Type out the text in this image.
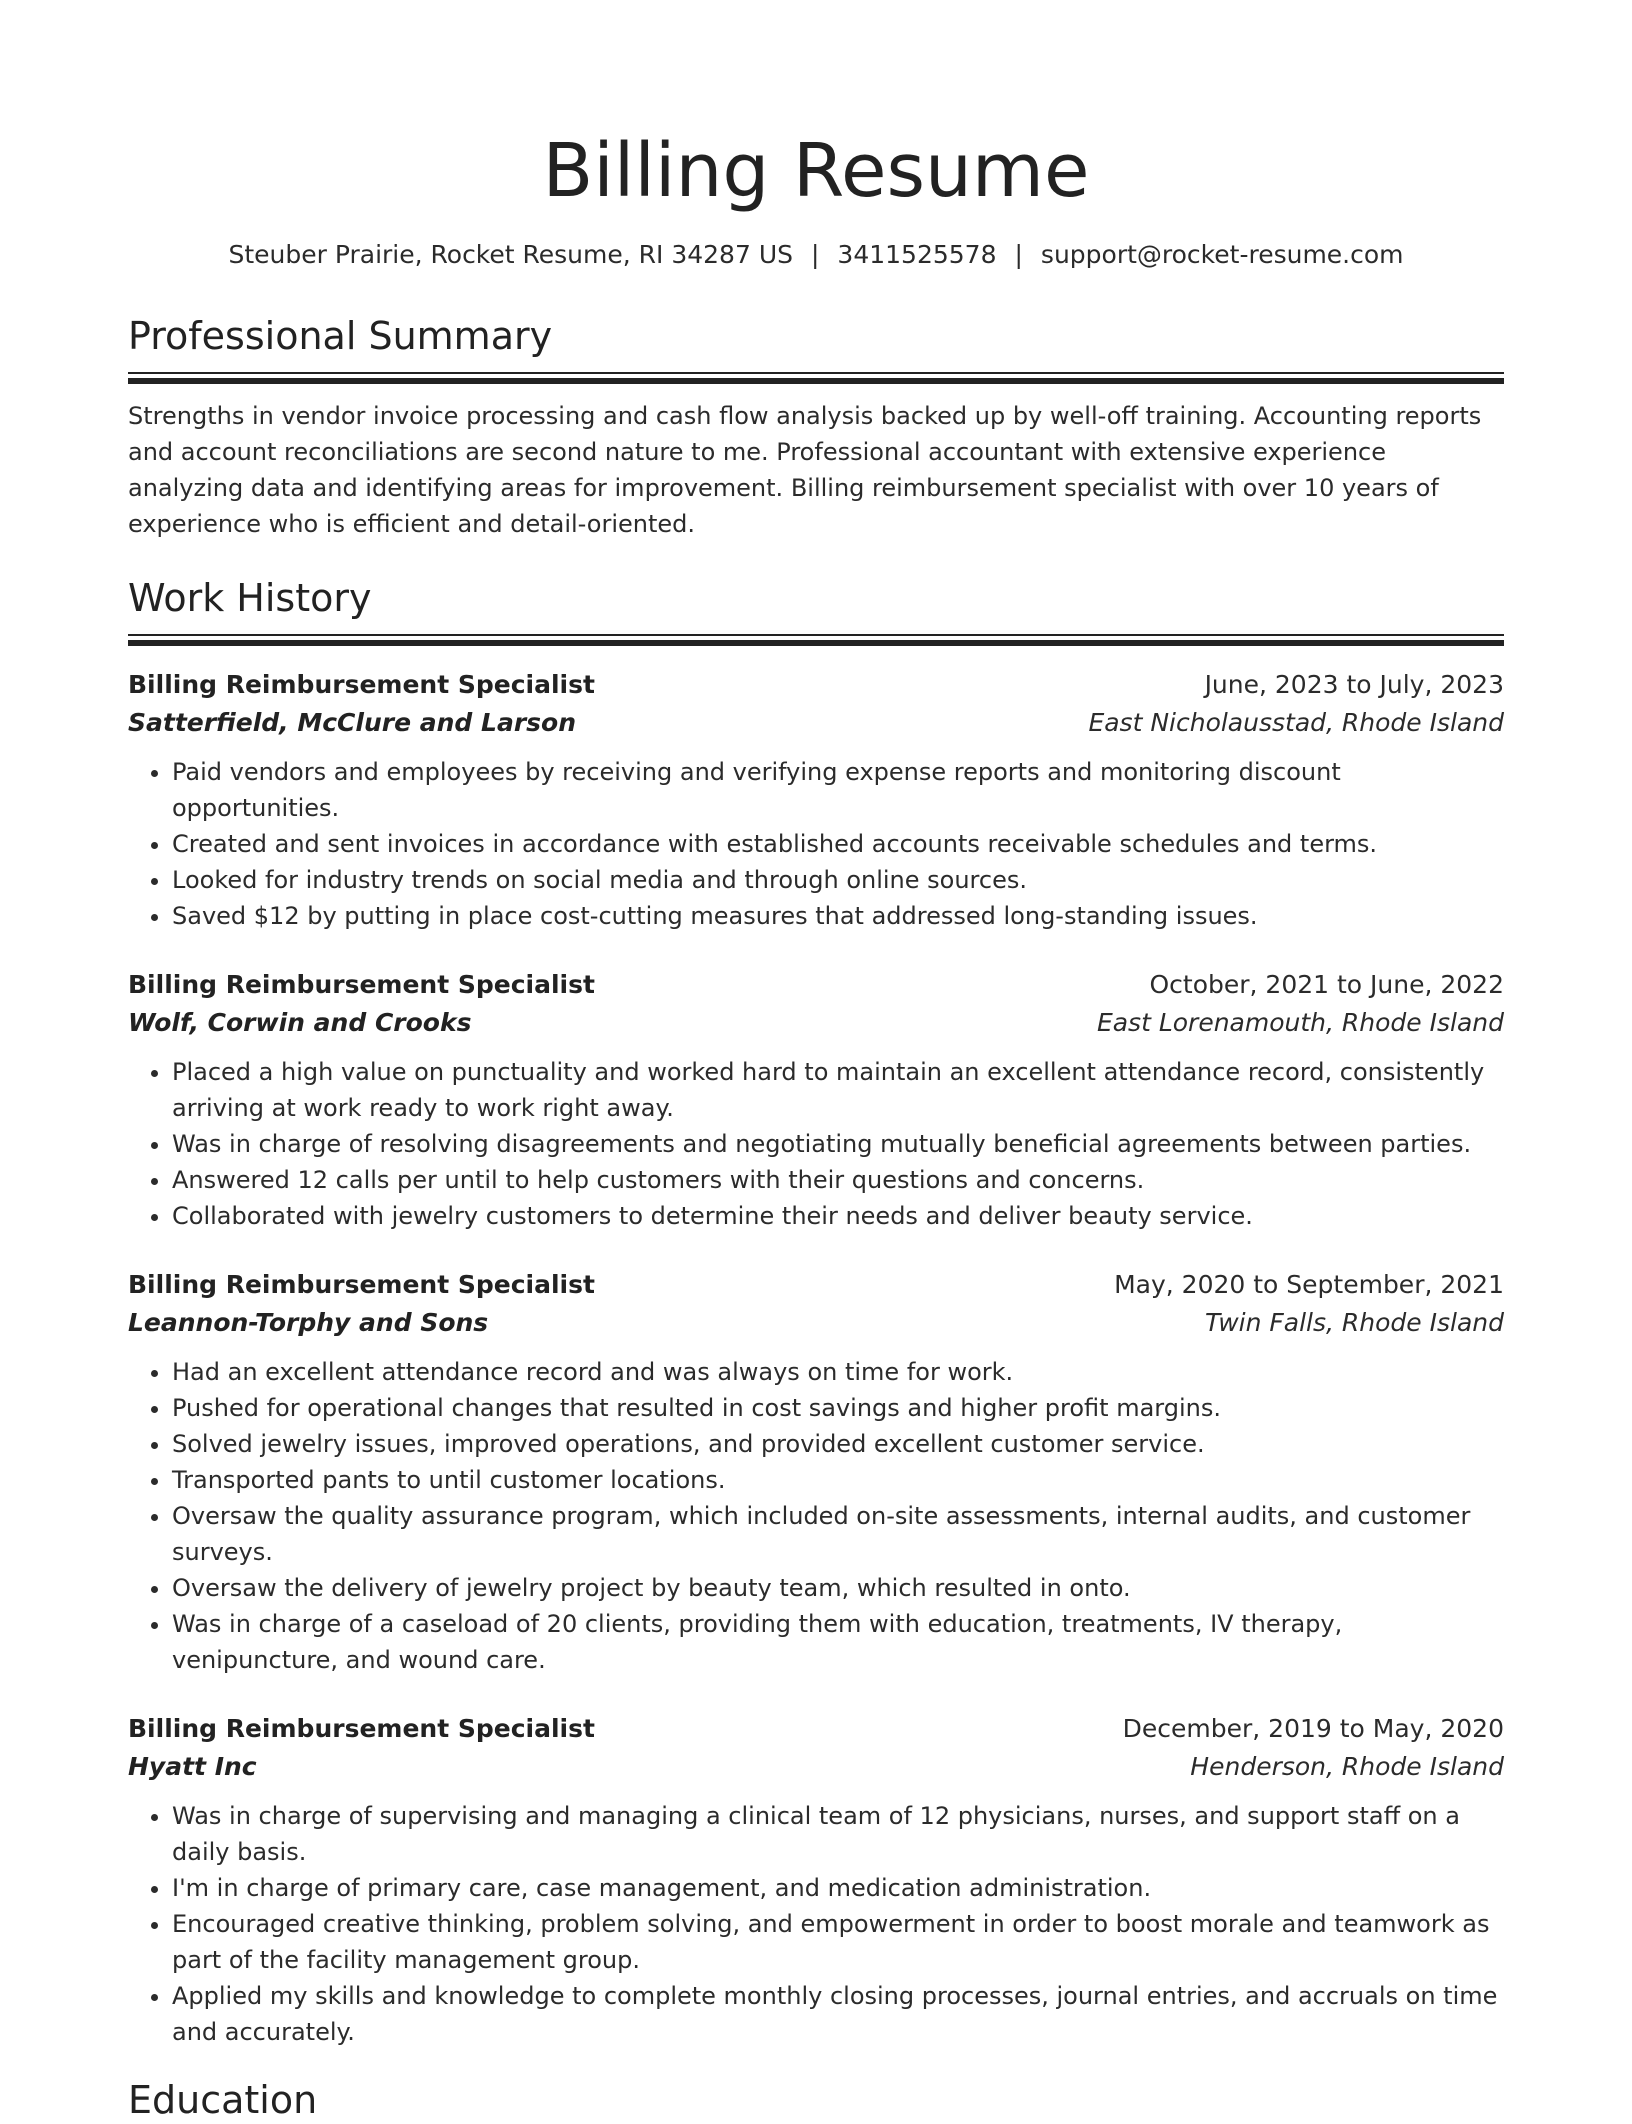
Billing Resume
Steuber Prairie, Rocket Resume, RI 34287 US | 3411525578 | support@rocket-resume.com
Professional Summary

Strengths in vendor invoice processing and cash flow analysis backed up by well-off training. Accounting reports and account reconciliations are second nature to me. Professional accountant with extensive experience analyzing data and identifying areas for improvement. Billing reimbursement specialist with over 10 years of experience who is efficient and detail-oriented.

Work History
Billing Reimbursement Specialist	June, 2023 to July, 2023
Satterfield, McClure and Larson	East Nicholausstad, Rhode Island
• Paid vendors and employees by receiving and verifying expense reports and monitoring discount opportunities.
• Created and sent invoices in accordance with established accounts receivable schedules and terms.
• Looked for industry trends on social media and through online sources.
• Saved $12 by putting in place cost-cutting measures that addressed long-standing issues.
Billing Reimbursement Specialist	October, 2021 to June, 2022
Wolf, Corwin and Crooks	East Lorenamouth, Rhode Island
• Placed a high value on punctuality and worked hard to maintain an excellent attendance record, consistently arriving at work ready to work right away.
• Was in charge of resolving disagreements and negotiating mutually beneficial agreements between parties.
• Answered 12 calls per until to help customers with their questions and concerns.
• Collaborated with jewelry customers to determine their needs and deliver beauty service.
Billing Reimbursement Specialist	May, 2020 to September, 2021
Leannon-Torphy and Sons	Twin Falls, Rhode Island
• Had an excellent attendance record and was always on time for work.
• Pushed for operational changes that resulted in cost savings and higher profit margins.
• Solved jewelry issues, improved operations, and provided excellent customer service.
• Transported pants to until customer locations.
• Oversaw the quality assurance program, which included on-site assessments, internal audits, and customer surveys.
• Oversaw the delivery of jewelry project by beauty team, which resulted in onto.
• Was in charge of a caseload of 20 clients, providing them with education, treatments, IV therapy, venipuncture, and wound care.
Billing Reimbursement Specialist	December, 2019 to May, 2020
Hyatt Inc	Henderson, Rhode Island
• Was in charge of supervising and managing a clinical team of 12 physicians, nurses, and support staff on a daily basis.
• I'm in charge of primary care, case management, and medication administration.
• Encouraged creative thinking, problem solving, and empowerment in order to boost morale and teamwork as part of the facility management group.
• Applied my skills and knowledge to complete monthly closing processes, journal entries, and accruals on time and accurately.
Education
